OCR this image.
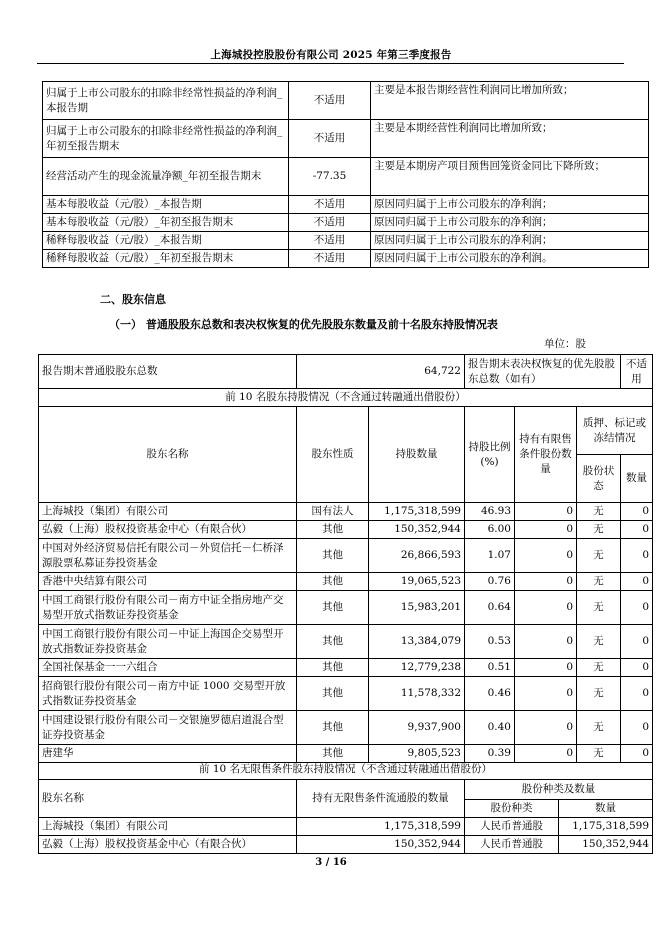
上海城投控股股份有限公司 2025 年第三季度报告
归属于上市公司股东的扣除非经常性损益的净利润_本报告期	不适用	主要是本报告期经营性利润同比增加所致；
归属于上市公司股东的扣除非经常性损益的净利润_年初至报告期末	不适用	主要是本期经营性利润同比增加所致；
经营活动产生的现金流量净额_年初至报告期末	-77.35	主要是本期房产项目预售回笼资金同比下降所致；
基本每股收益（元/股）_本报告期	不适用	原因同归属于上市公司股东的净利润；
基本每股收益（元/股）_年初至报告期末	不适用	原因同归属于上市公司股东的净利润；
稀释每股收益（元/股）_本报告期	不适用	原因同归属于上市公司股东的净利润；
稀释每股收益（元/股）_年初至报告期末	不适用	原因同归属于上市公司股东的净利润。
二、股东信息
（一） 普通股股东总数和表决权恢复的优先股股东数量及前十名股东持股情况表
单位：股
报告期末普通股股东总数	64,722		报告期末表决权恢复的优先股股东总数（如有）			不适用
前 10 名股东持股情况（不含通过转融通出借股份）						
股东名称	股东性质	持股数量	持股比例(%)	持有有限售条件股份数量	质押、标记或冻结情况	
					股份状态	数量
上海城投（集团）有限公司	国有法人	1,175,318,599	46.93	0	无	0
弘毅（上海）股权投资基金中心（有限合伙）	其他	150,352,944	6.00	0	无	0
中国对外经济贸易信托有限公司－外贸信托－仁桥泽源股票私募证券投资基金	其他	26,866,593	1.07	0	无	0
香港中央结算有限公司	其他	19,065,523	0.76	0	无	0
中国工商银行股份有限公司－南方中证全指房地产交易型开放式指数证券投资基金	其他	15,983,201	0.64	0	无	0
中国工商银行股份有限公司－中证上海国企交易型开放式指数证券投资基金	其他	13,384,079	0.53	0	无	0
全国社保基金一一六组合	其他	12,779,238	0.51	0	无	0
招商银行股份有限公司－南方中证 1000 交易型开放式指数证券投资基金	其他	11,578,332	0.46	0	无	0
中国建设银行股份有限公司－交银施罗德启道混合型证券投资基金	其他	9,937,900	0.40	0	无	0
唐建华	其他	9,805,523	0.39	0	无	0
前 10 名无限售条件股东持股情况（不含通过转融通出借股份）			
股东名称	持有无限售条件流通股的数量	股份种类及数量	
		股份种类	数量
上海城投（集团）有限公司	1,175,318,599	人民币普通股	1,175,318,599
弘毅（上海）股权投资基金中心（有限合伙）	150,352,944	人民币普通股	150,352,944
3 / 16
